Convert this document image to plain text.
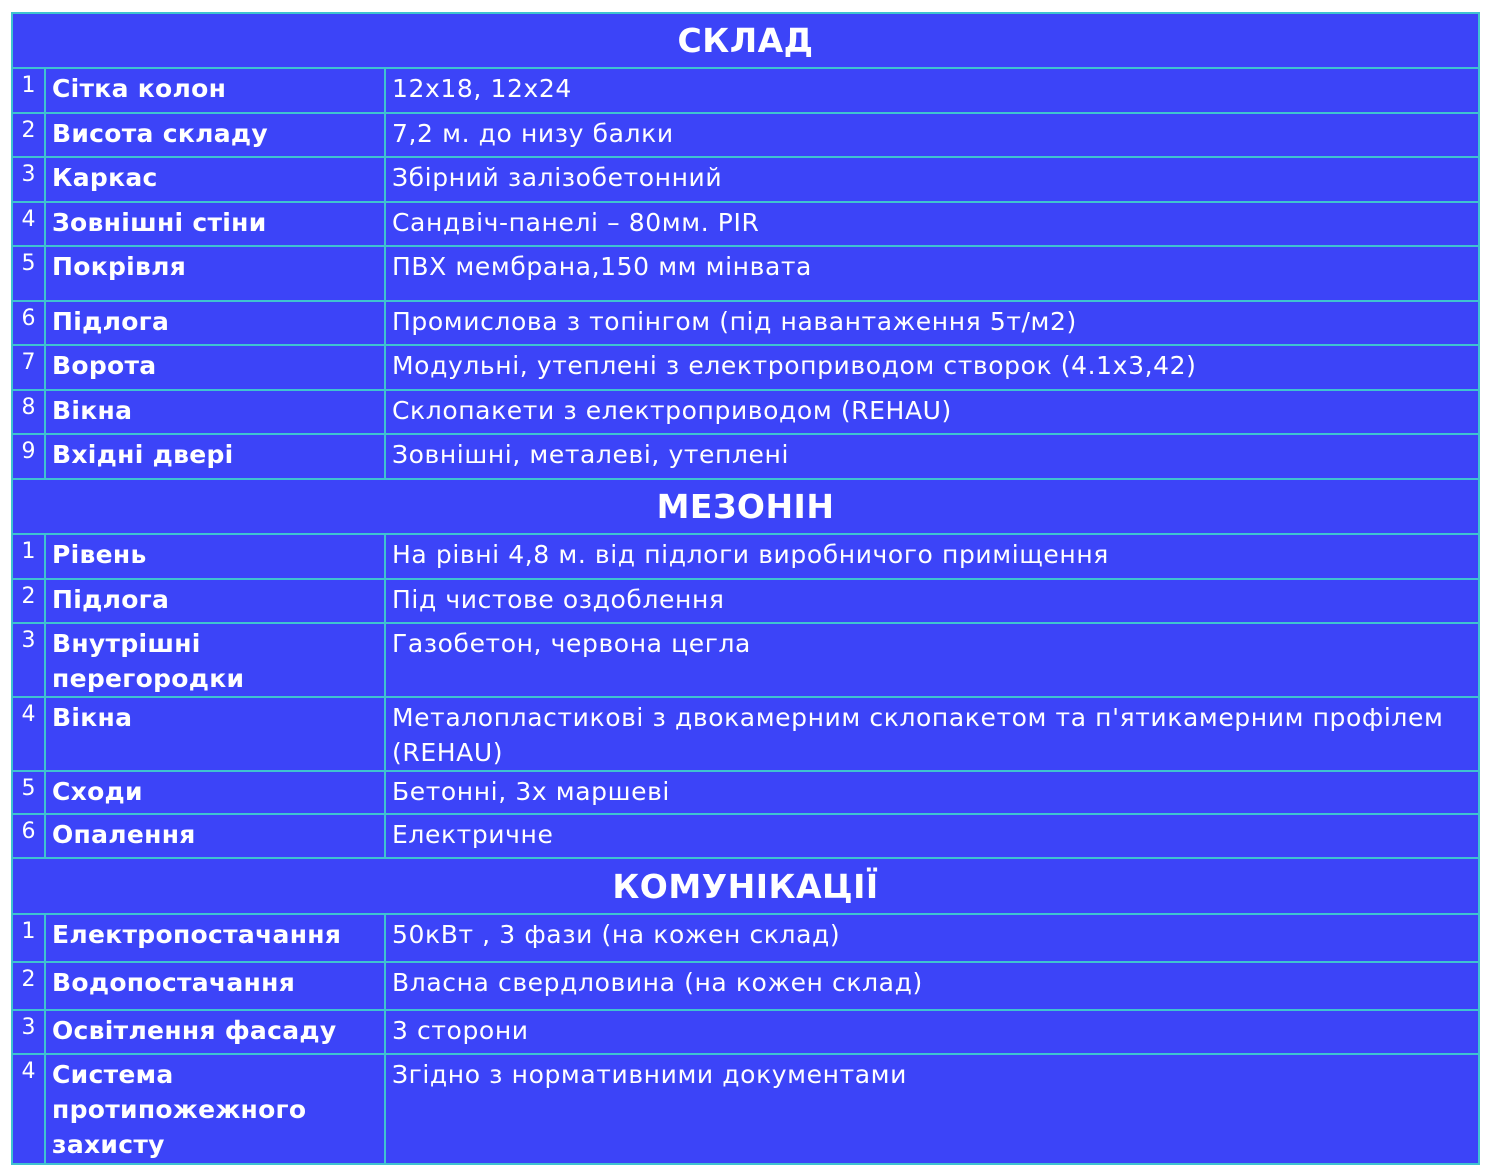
СКЛАД		
1	Сітка колон	12х18, 12х24
2	Висота складу	7,2 м. до низу балки
3	Каркас	Збірний залізобетонний
4	Зовнішні стіни	Сандвіч-панелі – 80мм. PIR
5	Покрівля	ПВХ мембрана,150 мм мінвата
6	Підлога	Промислова з топінгом (під навантаження 5т/м2)
7	Ворота	Модульні, утеплені з електроприводом створок (4.1х3,42)
8	Вікна	Склопакети з електроприводом (REHAU)
9	Вхідні двері	Зовнішні, металеві, утеплені
МЕЗОНІН		
1	Рівень	На рівні 4,8 м. від підлоги виробничого приміщення
2	Підлога	Під чистове оздоблення
3	Внутрішні перегородки	Газобетон, червона цегла
4	Вікна	Металопластикові з двокамерним склопакетом та п'ятикамерним профілем (REHAU)
5	Сходи	Бетонні, 3х маршеві
6	Опалення	Електричне
КОМУНІКАЦІЇ		
1	Електропостачання	50кВт , 3 фази (на кожен склад)
2	Водопостачання	Власна свердловина (на кожен склад)
3	Освітлення фасаду	3 сторони
4	Система протипожежного захисту	Згідно з нормативними документами
